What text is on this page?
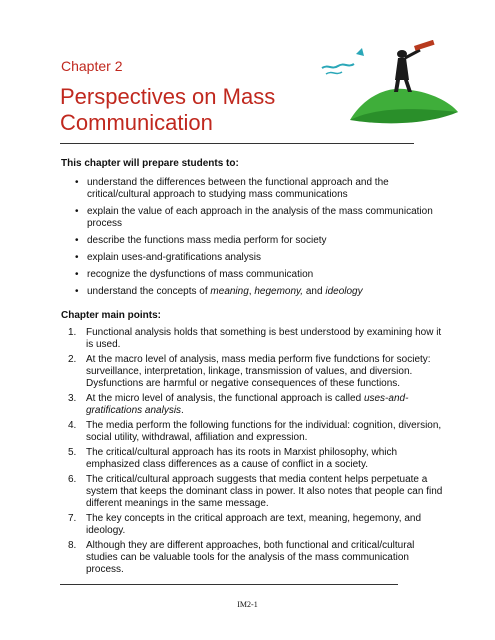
Chapter 2
Perspectives on Mass Communication
This chapter will prepare students to:
• understand the differences between the functional approach and the critical/cultural approach to studying mass communications
• explain the value of each approach in the analysis of the mass communication process
• describe the functions mass media perform for society
• explain uses-and-gratifications analysis
• recognize the dysfunctions of mass communication
• understand the concepts of meaning, hegemony, and ideology
Chapter main points:
1. Functional analysis holds that something is best understood by examining how it is used.
2. At the macro level of analysis, mass media perform five fundctions for society: surveillance, interpretation, linkage, transmission of values, and diversion. Dysfunctions are harmful or negative consequences of these functions.
3. At the micro level of analysis, the functional approach is called uses-and-gratifications analysis.
4. The media perform the following functions for the individual: cognition, diversion, social utility, withdrawal, affiliation and expression.
5. The critical/cultural approach has its roots in Marxist philosophy, which emphasized class differences as a cause of conflict in a society.
6. The critical/cultural approach suggests that media content helps perpetuate a system that keeps the dominant class in power. It also notes that people can find different meanings in the same message.
7. The key concepts in the critical approach are text, meaning, hegemony, and ideology.
8. Although they are different approaches, both functional and critical/cultural studies can be valuable tools for the analysis of the mass communication process.
IM2-1
